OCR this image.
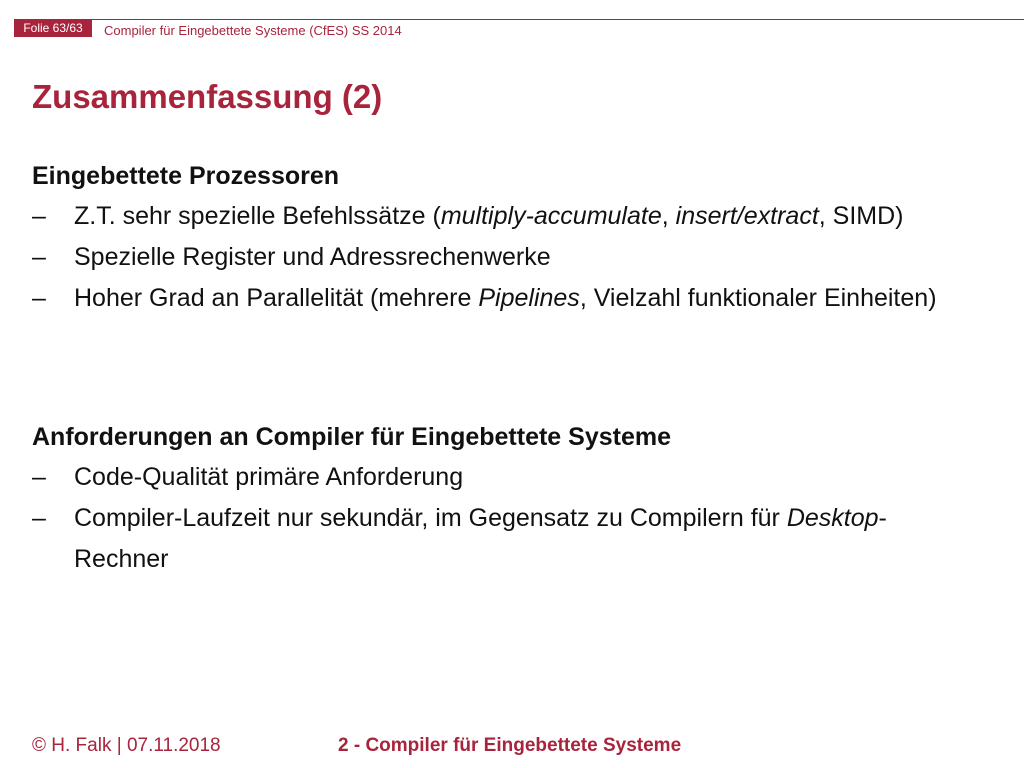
Folie 63/63	Compiler für Eingebettete Systeme (CfES) SS 2014
Zusammenfassung (2)
Eingebettete Prozessoren
– Z.T. sehr spezielle Befehlssätze (multiply-accumulate, insert/extract, SIMD)
– Spezielle Register und Adressrechenwerke
– Hoher Grad an Parallelität (mehrere Pipelines, Vielzahl funktionaler Einheiten)
Anforderungen an Compiler für Eingebettete Systeme
– Code-Qualität primäre Anforderung
– Compiler-Laufzeit nur sekundär, im Gegensatz zu Compilern für Desktop-Rechner
© H. Falk | 07.11.2018	2 - Compiler für Eingebettete Systeme
